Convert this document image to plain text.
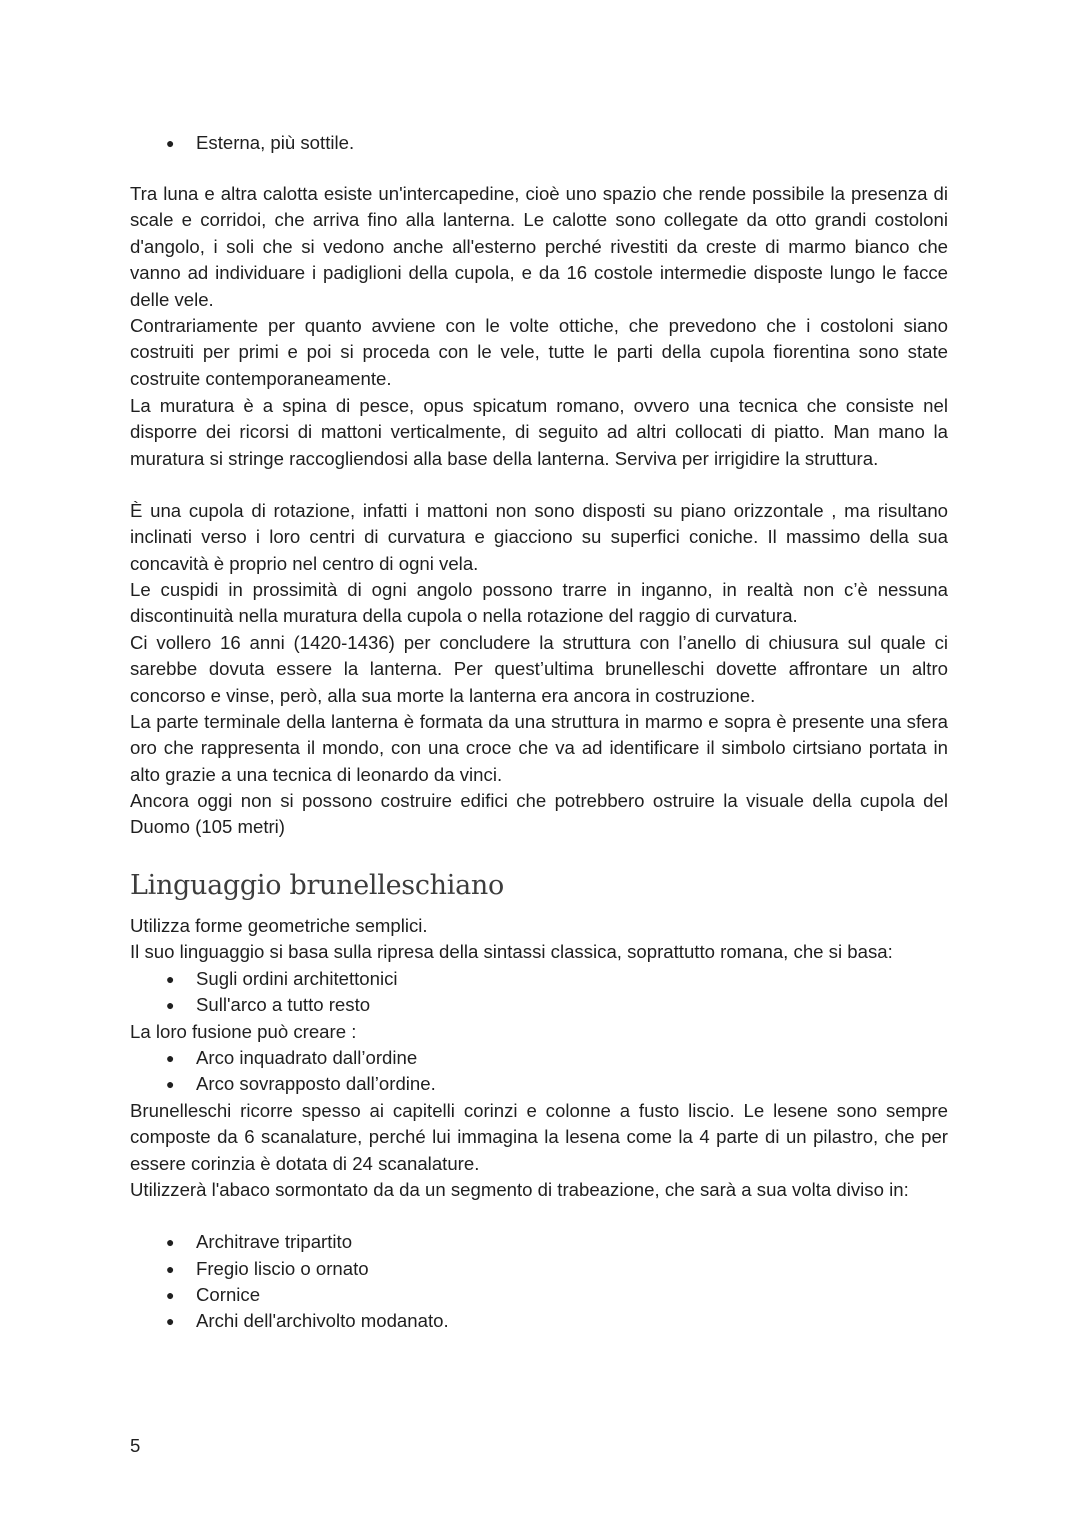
● Esterna, più sottile.
Tra luna e altra calotta esiste un'intercapedine, cioè uno spazio che rende possibile la presenza di scale e corridoi, che arriva fino alla lanterna. Le calotte sono collegate da otto grandi costoloni d'angolo, i soli che si vedono anche all'esterno perché rivestiti da creste di marmo bianco che vanno ad individuare i padiglioni della cupola, e da 16 costole intermedie disposte lungo le facce delle vele.
Contrariamente per quanto avviene con le volte ottiche, che prevedono che i costoloni siano costruiti per primi e poi si proceda con le vele, tutte le parti della cupola fiorentina sono state costruite contemporaneamente.
La muratura è a spina di pesce, opus spicatum romano, ovvero una tecnica che consiste nel disporre dei ricorsi di mattoni verticalmente, di seguito ad altri collocati di piatto. Man mano la muratura si stringe raccogliendosi alla base della lanterna. Serviva per irrigidire la struttura.
È una cupola di rotazione, infatti i mattoni non sono disposti su piano orizzontale , ma risultano inclinati verso i loro centri di curvatura e giacciono su superfici coniche. Il massimo della sua concavità è proprio nel centro di ogni vela.
Le cuspidi in prossimità di ogni angolo possono trarre in inganno, in realtà non c’è nessuna discontinuità nella muratura della cupola o nella rotazione del raggio di curvatura.
Ci vollero 16 anni (1420-1436) per concludere la struttura con l’anello di chiusura sul quale ci sarebbe dovuta essere la lanterna. Per quest’ultima brunelleschi dovette affrontare un altro concorso e vinse, però, alla sua morte la lanterna era ancora in costruzione.
La parte terminale della lanterna è formata da una struttura in marmo e sopra è presente una sfera oro che rappresenta il mondo, con una croce che va ad identificare il simbolo cirtsiano portata in alto grazie a una tecnica di leonardo da vinci.
Ancora oggi non si possono costruire edifici che potrebbero ostruire la visuale della cupola del Duomo (105 metri)
Linguaggio brunelleschiano
Utilizza forme geometriche semplici.
Il suo linguaggio si basa sulla ripresa della sintassi classica, soprattutto romana, che si basa:
● Sugli ordini architettonici
● Sull'arco a tutto resto
La loro fusione può creare :
● Arco inquadrato dall’ordine
● Arco sovrapposto dall’ordine.
Brunelleschi ricorre spesso ai capitelli corinzi e colonne a fusto liscio. Le lesene sono sempre composte da 6 scanalature, perché lui immagina la lesena come la 4 parte di un pilastro, che per essere corinzia è dotata di 24 scanalature.
Utilizzerà l'abaco sormontato da da un segmento di trabeazione, che sarà a sua volta diviso in:
● Architrave tripartito
● Fregio liscio o ornato
● Cornice
● Archi dell'archivolto modanato.
5
